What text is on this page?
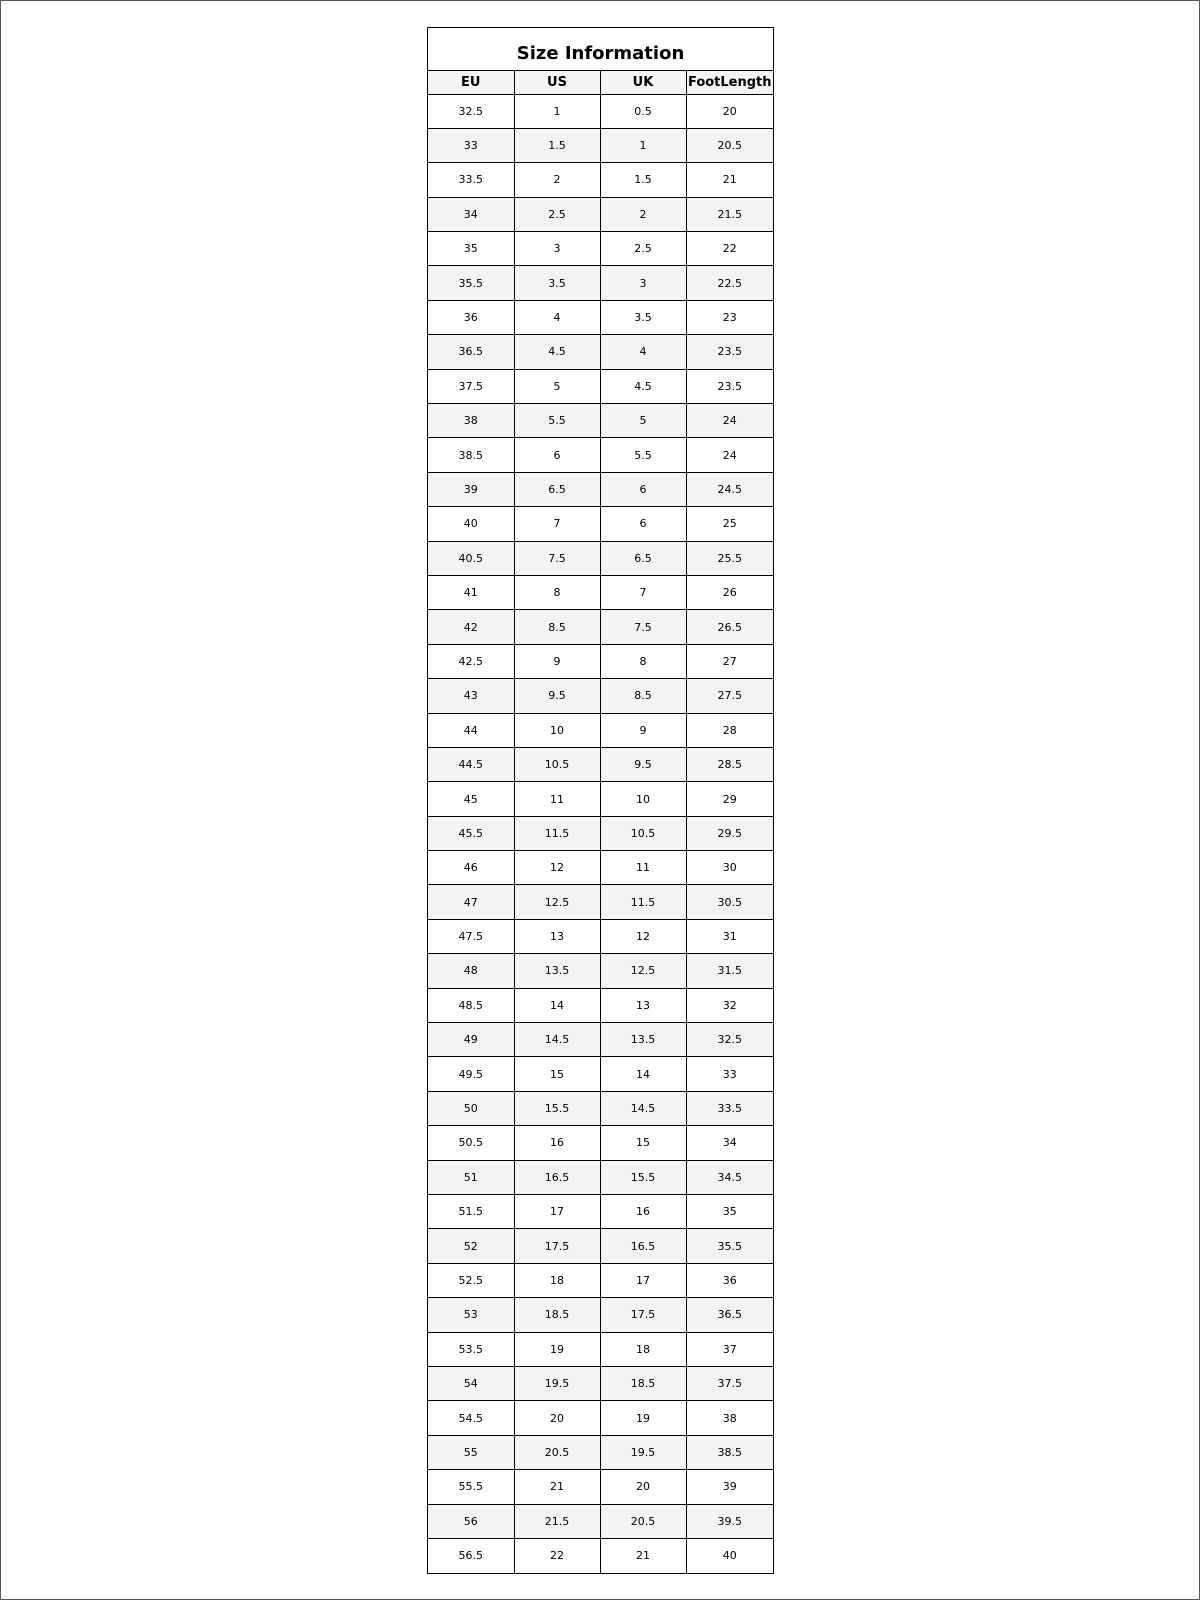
Size Information
EU	US	UK	FootLength
32.5	1	0.5	20
33	1.5	1	20.5
33.5	2	1.5	21
34	2.5	2	21.5
35	3	2.5	22
35.5	3.5	3	22.5
36	4	3.5	23
36.5	4.5	4	23.5
37.5	5	4.5	23.5
38	5.5	5	24
38.5	6	5.5	24
39	6.5	6	24.5
40	7	6	25
40.5	7.5	6.5	25.5
41	8	7	26
42	8.5	7.5	26.5
42.5	9	8	27
43	9.5	8.5	27.5
44	10	9	28
44.5	10.5	9.5	28.5
45	11	10	29
45.5	11.5	10.5	29.5
46	12	11	30
47	12.5	11.5	30.5
47.5	13	12	31
48	13.5	12.5	31.5
48.5	14	13	32
49	14.5	13.5	32.5
49.5	15	14	33
50	15.5	14.5	33.5
50.5	16	15	34
51	16.5	15.5	34.5
51.5	17	16	35
52	17.5	16.5	35.5
52.5	18	17	36
53	18.5	17.5	36.5
53.5	19	18	37
54	19.5	18.5	37.5
54.5	20	19	38
55	20.5	19.5	38.5
55.5	21	20	39
56	21.5	20.5	39.5
56.5	22	21	40
